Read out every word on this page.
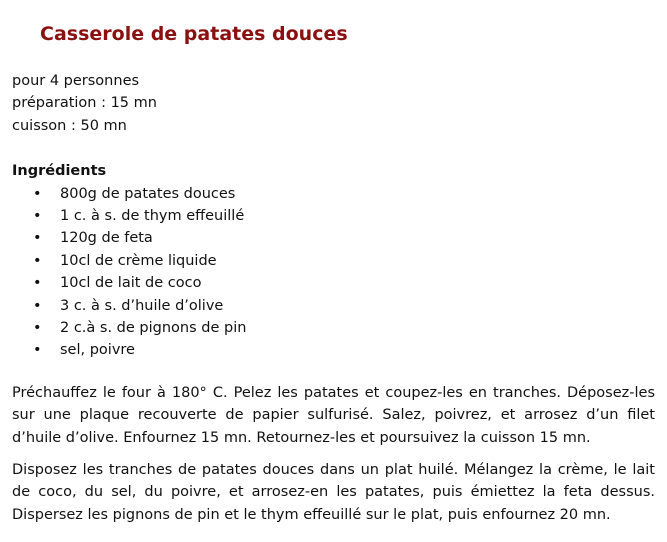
Casserole de patates douces
pour 4 personnes
préparation : 15 mn
cuisson : 50 mn
Ingrédients
• 800g de patates douces
• 1 c. à s. de thym effeuillé
• 120g de feta
• 10cl de crème liquide
• 10cl de lait de coco
• 3 c. à s. d’huile d’olive
• 2 c.à s. de pignons de pin
• sel, poivre

Préchauffez le four à 180° C. Pelez les patates et coupez-les en tranches. Déposez-les sur une plaque recouverte de papier sulfurisé. Salez, poivrez, et arrosez d’un filet d’huile d’olive. Enfournez 15 mn. Retournez-les et poursuivez la cuisson 15 mn.

Disposez les tranches de patates douces dans un plat huilé. Mélangez la crème, le lait de coco, du sel, du poivre, et arrosez-en les patates, puis émiettez la feta dessus. Dispersez les pignons de pin et le thym effeuillé sur le plat, puis enfournez 20 mn.
